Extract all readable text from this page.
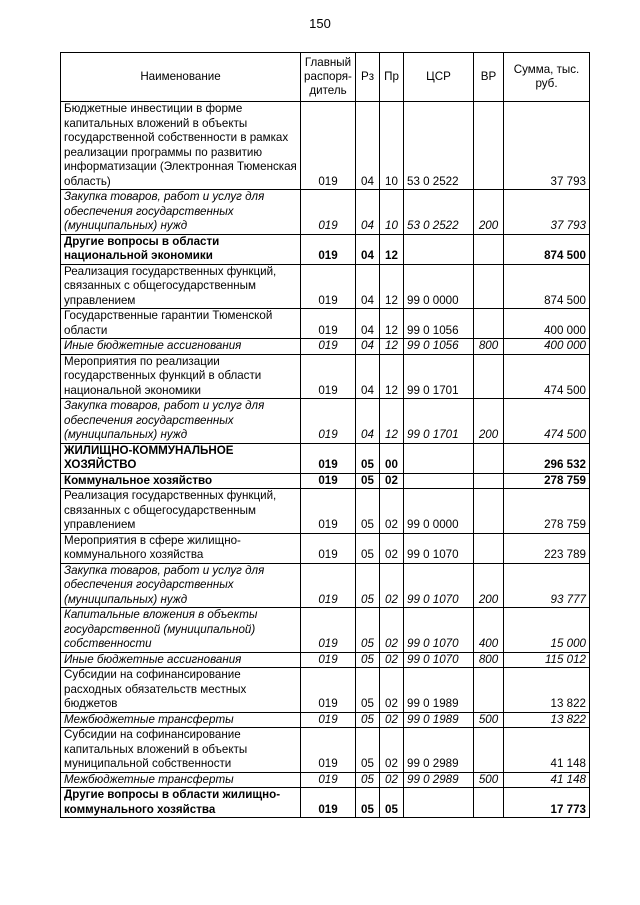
150
Наименование	Главный распоря-дитель	Рз	Пр	ЦСР	ВР	Сумма, тыс. руб.
Бюджетные инвестиции в форме капитальных вложений в объекты государственной собственности в рамках реализации программы по развитию информатизации (Электронная Тюменская область)	019	04	10	53 0 2522		37 793
Закупка товаров, работ и услуг для обеспечения государственных (муниципальных) нужд	019	04	10	53 0 2522	200	37 793
Другие вопросы в области национальной экономики	019	04	12			874 500
Реализация государственных функций, связанных с общегосударственным управлением	019	04	12	99 0 0000		874 500
Государственные гарантии Тюменской области	019	04	12	99 0 1056		400 000
Иные бюджетные ассигнования	019	04	12	99 0 1056	800	400 000
Мероприятия по реализации государственных функций в области национальной экономики	019	04	12	99 0 1701		474 500
Закупка товаров, работ и услуг для обеспечения государственных (муниципальных) нужд	019	04	12	99 0 1701	200	474 500
ЖИЛИЩНО-КОММУНАЛЬНОЕ ХОЗЯЙСТВО	019	05	00			296 532
Коммунальное хозяйство	019	05	02			278 759
Реализация государственных функций, связанных с общегосударственным управлением	019	05	02	99 0 0000		278 759
Мероприятия в сфере жилищно-коммунального хозяйства	019	05	02	99 0 1070		223 789
Закупка товаров, работ и услуг для обеспечения государственных (муниципальных) нужд	019	05	02	99 0 1070	200	93 777
Капитальные вложения в объекты государственной (муниципальной) собственности	019	05	02	99 0 1070	400	15 000
Иные бюджетные ассигнования	019	05	02	99 0 1070	800	115 012
Субсидии на софинансирование расходных обязательств местных бюджетов	019	05	02	99 0 1989		13 822
Межбюджетные трансферты	019	05	02	99 0 1989	500	13 822
Субсидии на софинансирование капитальных вложений в объекты муниципальной собственности	019	05	02	99 0 2989		41 148
Межбюджетные трансферты	019	05	02	99 0 2989	500	41 148
Другие вопросы в области жилищно-коммунального хозяйства	019	05	05			17 773
